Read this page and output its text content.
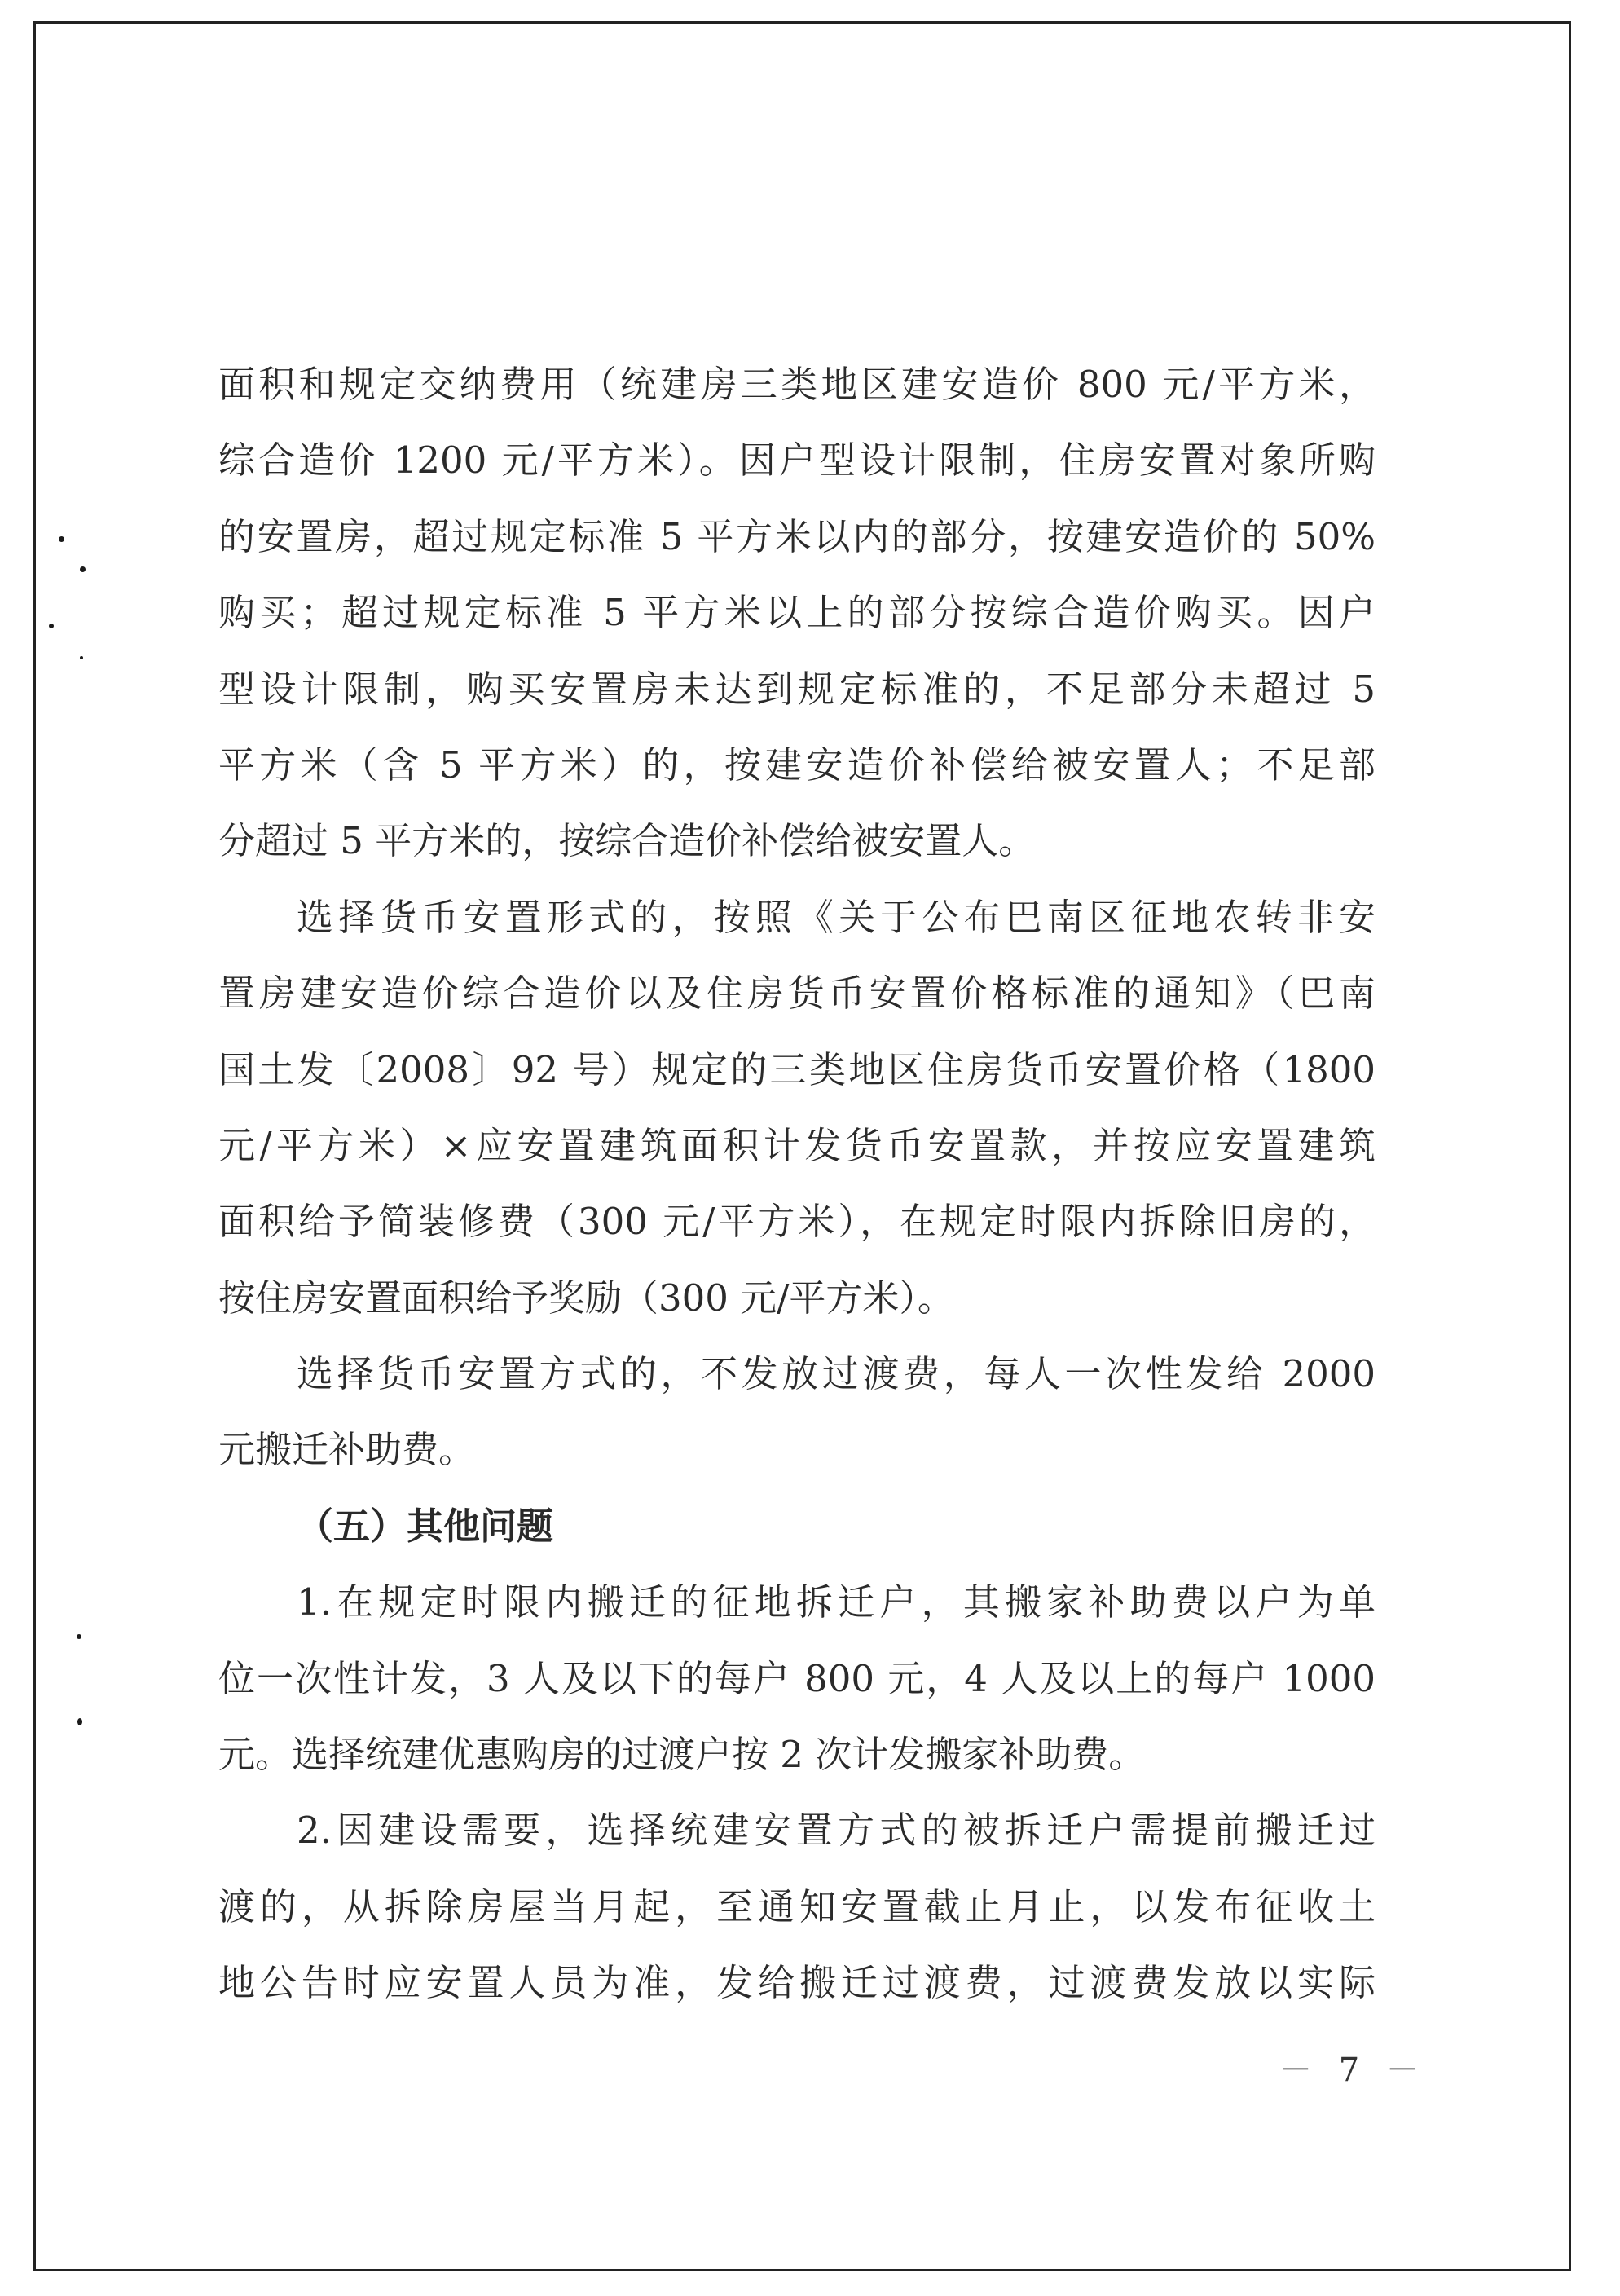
面积和规定交纳费用（统建房三类地区建安造价 800 元/平方米，
综合造价 1200 元/平方米）。因户型设计限制，住房安置对象所购
的安置房，超过规定标准 5 平方米以内的部分，按建安造价的 50%
购买；超过规定标准 5 平方米以上的部分按综合造价购买。因户
型设计限制，购买安置房未达到规定标准的，不足部分未超过 5
平方米（含 5 平方米）的，按建安造价补偿给被安置人；不足部
分超过 5 平方米的，按综合造价补偿给被安置人。
选择货币安置形式的，按照《关于公布巴南区征地农转非安
置房建安造价综合造价以及住房货币安置价格标准的通知》（巴南
国土发〔2008〕92 号）规定的三类地区住房货币安置价格（1800
元/平方米）×应安置建筑面积计发货币安置款，并按应安置建筑
面积给予简装修费（300 元/平方米），在规定时限内拆除旧房的，
按住房安置面积给予奖励（300 元/平方米）。
选择货币安置方式的，不发放过渡费，每人一次性发给 2000
元搬迁补助费。
（五）其他问题
1.在规定时限内搬迁的征地拆迁户，其搬家补助费以户为单
位一次性计发，3 人及以下的每户 800 元，4 人及以上的每户 1000
元。选择统建优惠购房的过渡户按 2 次计发搬家补助费。
2.因建设需要，选择统建安置方式的被拆迁户需提前搬迁过
渡的，从拆除房屋当月起，至通知安置截止月止，以发布征收土
地公告时应安置人员为准，发给搬迁过渡费，过渡费发放以实际
－ 7 －
